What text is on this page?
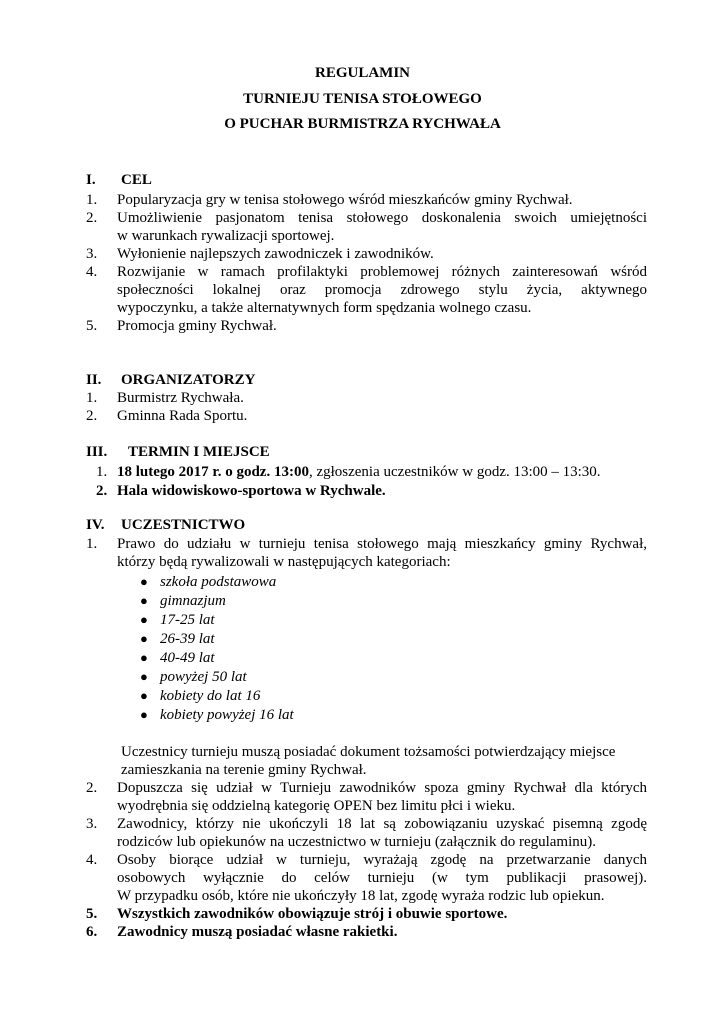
REGULAMIN
TURNIEJU TENISA STOŁOWEGO
O PUCHAR BURMISTRZA RYCHWAŁA
I. CEL
1. Popularyzacja gry w tenisa stołowego wśród mieszkańców gminy Rychwał.
2. Umożliwienie pasjonatom tenisa stołowego doskonalenia swoich umiejętności
w warunkach rywalizacji sportowej.
3. Wyłonienie najlepszych zawodniczek i zawodników.
4. Rozwijanie w ramach profilaktyki problemowej różnych zainteresowań wśród
społeczności lokalnej oraz promocja zdrowego stylu życia, aktywnego
wypoczynku, a także alternatywnych form spędzania wolnego czasu.
5. Promocja gminy Rychwał.
II. ORGANIZATORZY
1. Burmistrz Rychwała.
2. Gminna Rada Sportu.
III. TERMIN I MIEJSCE
1. 18 lutego 2017 r. o godz. 13:00, zgłoszenia uczestników w godz. 13:00 – 13:30.
2. Hala widowiskowo-sportowa w Rychwale.
IV. UCZESTNICTWO
1. Prawo do udziału w turnieju tenisa stołowego mają mieszkańcy gminy Rychwał,
którzy będą rywalizowali w następujących kategoriach:
● szkoła podstawowa
● gimnazjum
● 17-25 lat
● 26-39 lat
● 40-49 lat
● powyżej 50 lat
● kobiety do lat 16
● kobiety powyżej 16 lat
Uczestnicy turnieju muszą posiadać dokument tożsamości potwierdzający miejsce
zamieszkania na terenie gminy Rychwał.
2. Dopuszcza się udział w Turnieju zawodników spoza gminy Rychwał dla których
wyodrębnia się oddzielną kategorię OPEN bez limitu płci i wieku.
3. Zawodnicy, którzy nie ukończyli 18 lat są zobowiązaniu uzyskać pisemną zgodę
rodziców lub opiekunów na uczestnictwo w turnieju (załącznik do regulaminu).
4. Osoby biorące udział w turnieju, wyrażają zgodę na przetwarzanie danych
osobowych wyłącznie do celów turnieju (w tym publikacji prasowej).
W przypadku osób, które nie ukończyły 18 lat, zgodę wyraża rodzic lub opiekun.
5. Wszystkich zawodników obowiązuje strój i obuwie sportowe.
6. Zawodnicy muszą posiadać własne rakietki.
